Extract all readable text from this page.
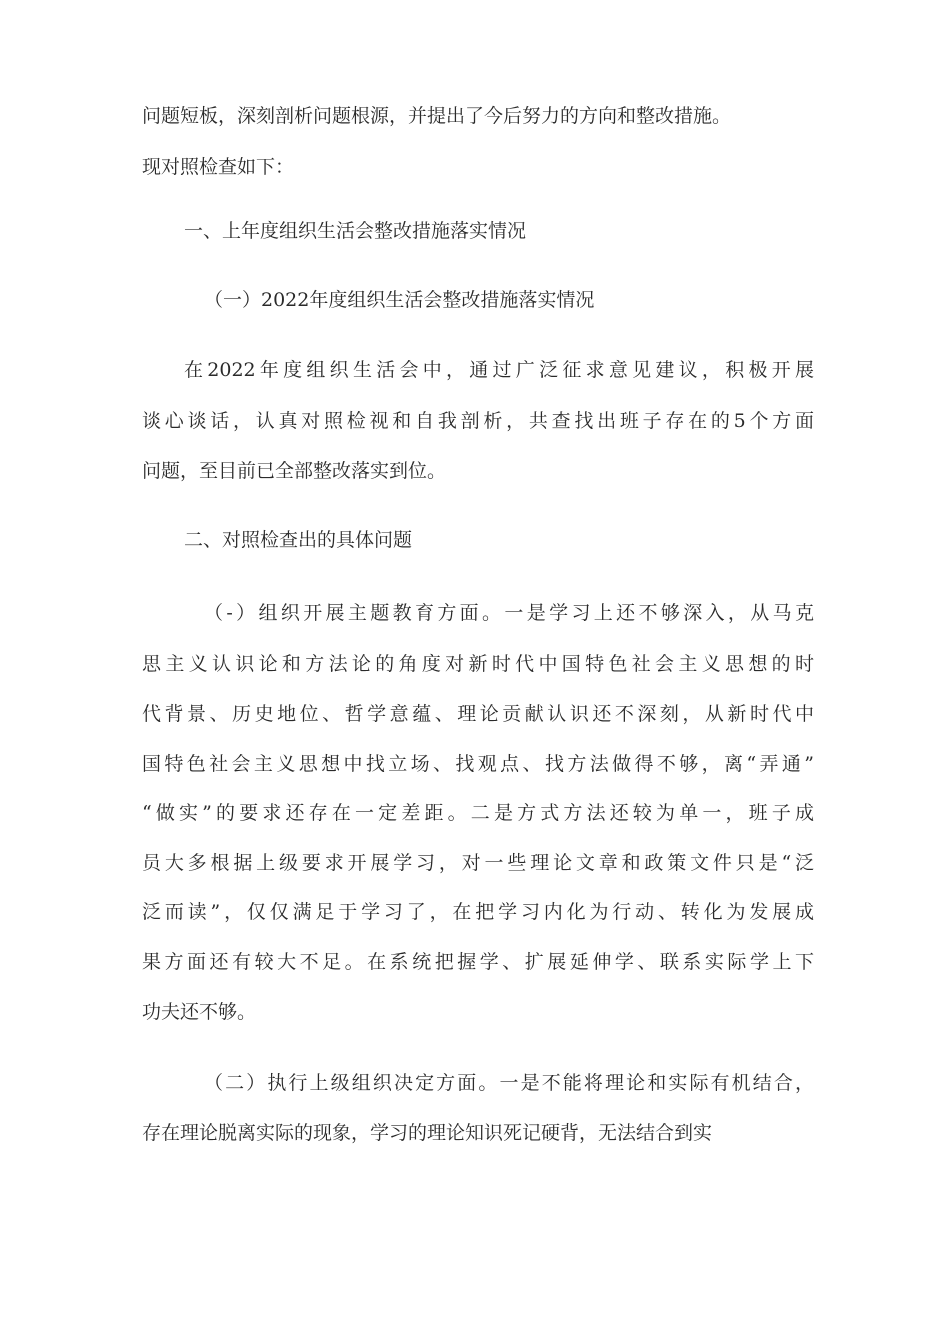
问题短板，深刻剖析问题根源，并提出了今后努力的方向和整改措施。
现对照检查如下：
一、上年度组织生活会整改措施落实情况
（一）2022年度组织生活会整改措施落实情况
在2022年度组织生活会中，通过广泛征求意见建议，积极开展
谈心谈话，认真对照检视和自我剖析，共查找出班子存在的5个方面
问题，至目前已全部整改落实到位。
二、对照检查出的具体问题
（-）组织开展主题教育方面。一是学习上还不够深入，从马克
思主义认识论和方法论的角度对新时代中国特色社会主义思想的时
代背景、历史地位、哲学意蕴、理论贡献认识还不深刻，从新时代中
国特色社会主义思想中找立场、找观点、找方法做得不够，离“弄通”
“做实”的要求还存在一定差距。二是方式方法还较为单一，班子成
员大多根据上级要求开展学习，对一些理论文章和政策文件只是“泛
泛而读”，仅仅满足于学习了，在把学习内化为行动、转化为发展成
果方面还有较大不足。在系统把握学、扩展延伸学、联系实际学上下
功夫还不够。
（二）执行上级组织决定方面。一是不能将理论和实际有机结合，
存在理论脱离实际的现象，学习的理论知识死记硬背，无法结合到实
